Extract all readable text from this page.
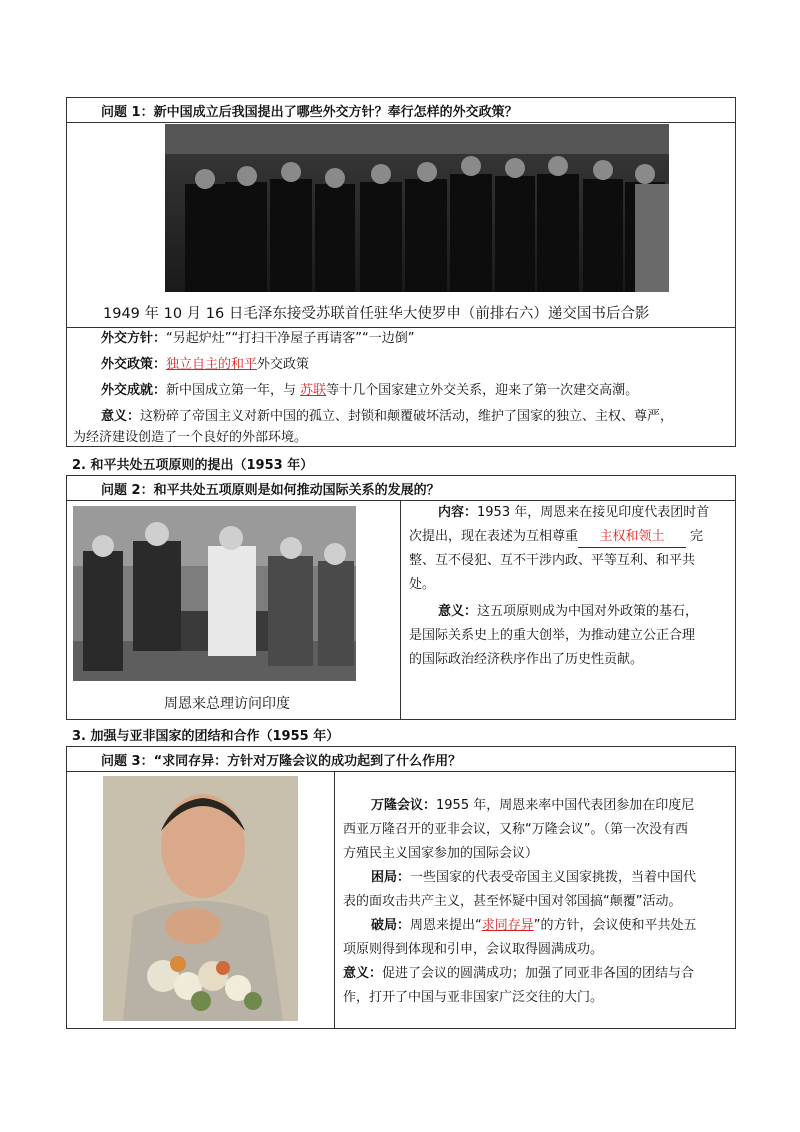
问题 1：新中国成立后我国提出了哪些外交方针？奉行怎样的外交政策？
1949 年 10 月 16 日毛泽东接受苏联首任驻华大使罗申（前排右六）递交国书后合影
外交方针：“另起炉灶”“打扫干净屋子再请客”“一边倒”
外交政策：独立自主的和平外交政策
外交成就：新中国成立第一年，与 苏联等十几个国家建立外交关系，迎来了第一次建交高潮。
意义：这粉碎了帝国主义对新中国的孤立、封锁和颠覆破坏活动，维护了国家的独立、主权、尊严，
为经济建设创造了一个良好的外部环境。
2. 和平共处五项原则的提出（1953 年）
问题 2：和平共处五项原则是如何推动国际关系的发展的？
周恩来总理访问印度
内容：1953 年，周恩来在接见印度代表团时首
次提出，现在表述为互相尊重 主权和领土 完
整、互不侵犯、互不干涉内政、平等互利、和平共
处。
意义：这五项原则成为中国对外政策的基石，
是国际关系史上的重大创举，为推动建立公正合理
的国际政治经济秩序作出了历史性贡献。
3. 加强与亚非国家的团结和合作（1955 年）
问题 3：“求同存异：方针对万隆会议的成功起到了什么作用？
万隆会议：1955 年，周恩来率中国代表团参加在印度尼
西亚万隆召开的亚非会议，又称“万隆会议”。（第一次没有西
方殖民主义国家参加的国际会议）
困局：一些国家的代表受帝国主义国家挑拨，当着中国代
表的面攻击共产主义，甚至怀疑中国对邻国搞“颠覆”活动。
破局：周恩来提出“求同存异”的方针，会议使和平共处五
项原则得到体现和引申，会议取得圆满成功。
意义：促进了会议的圆满成功；加强了同亚非各国的团结与合
作，打开了中国与亚非国家广泛交往的大门。
